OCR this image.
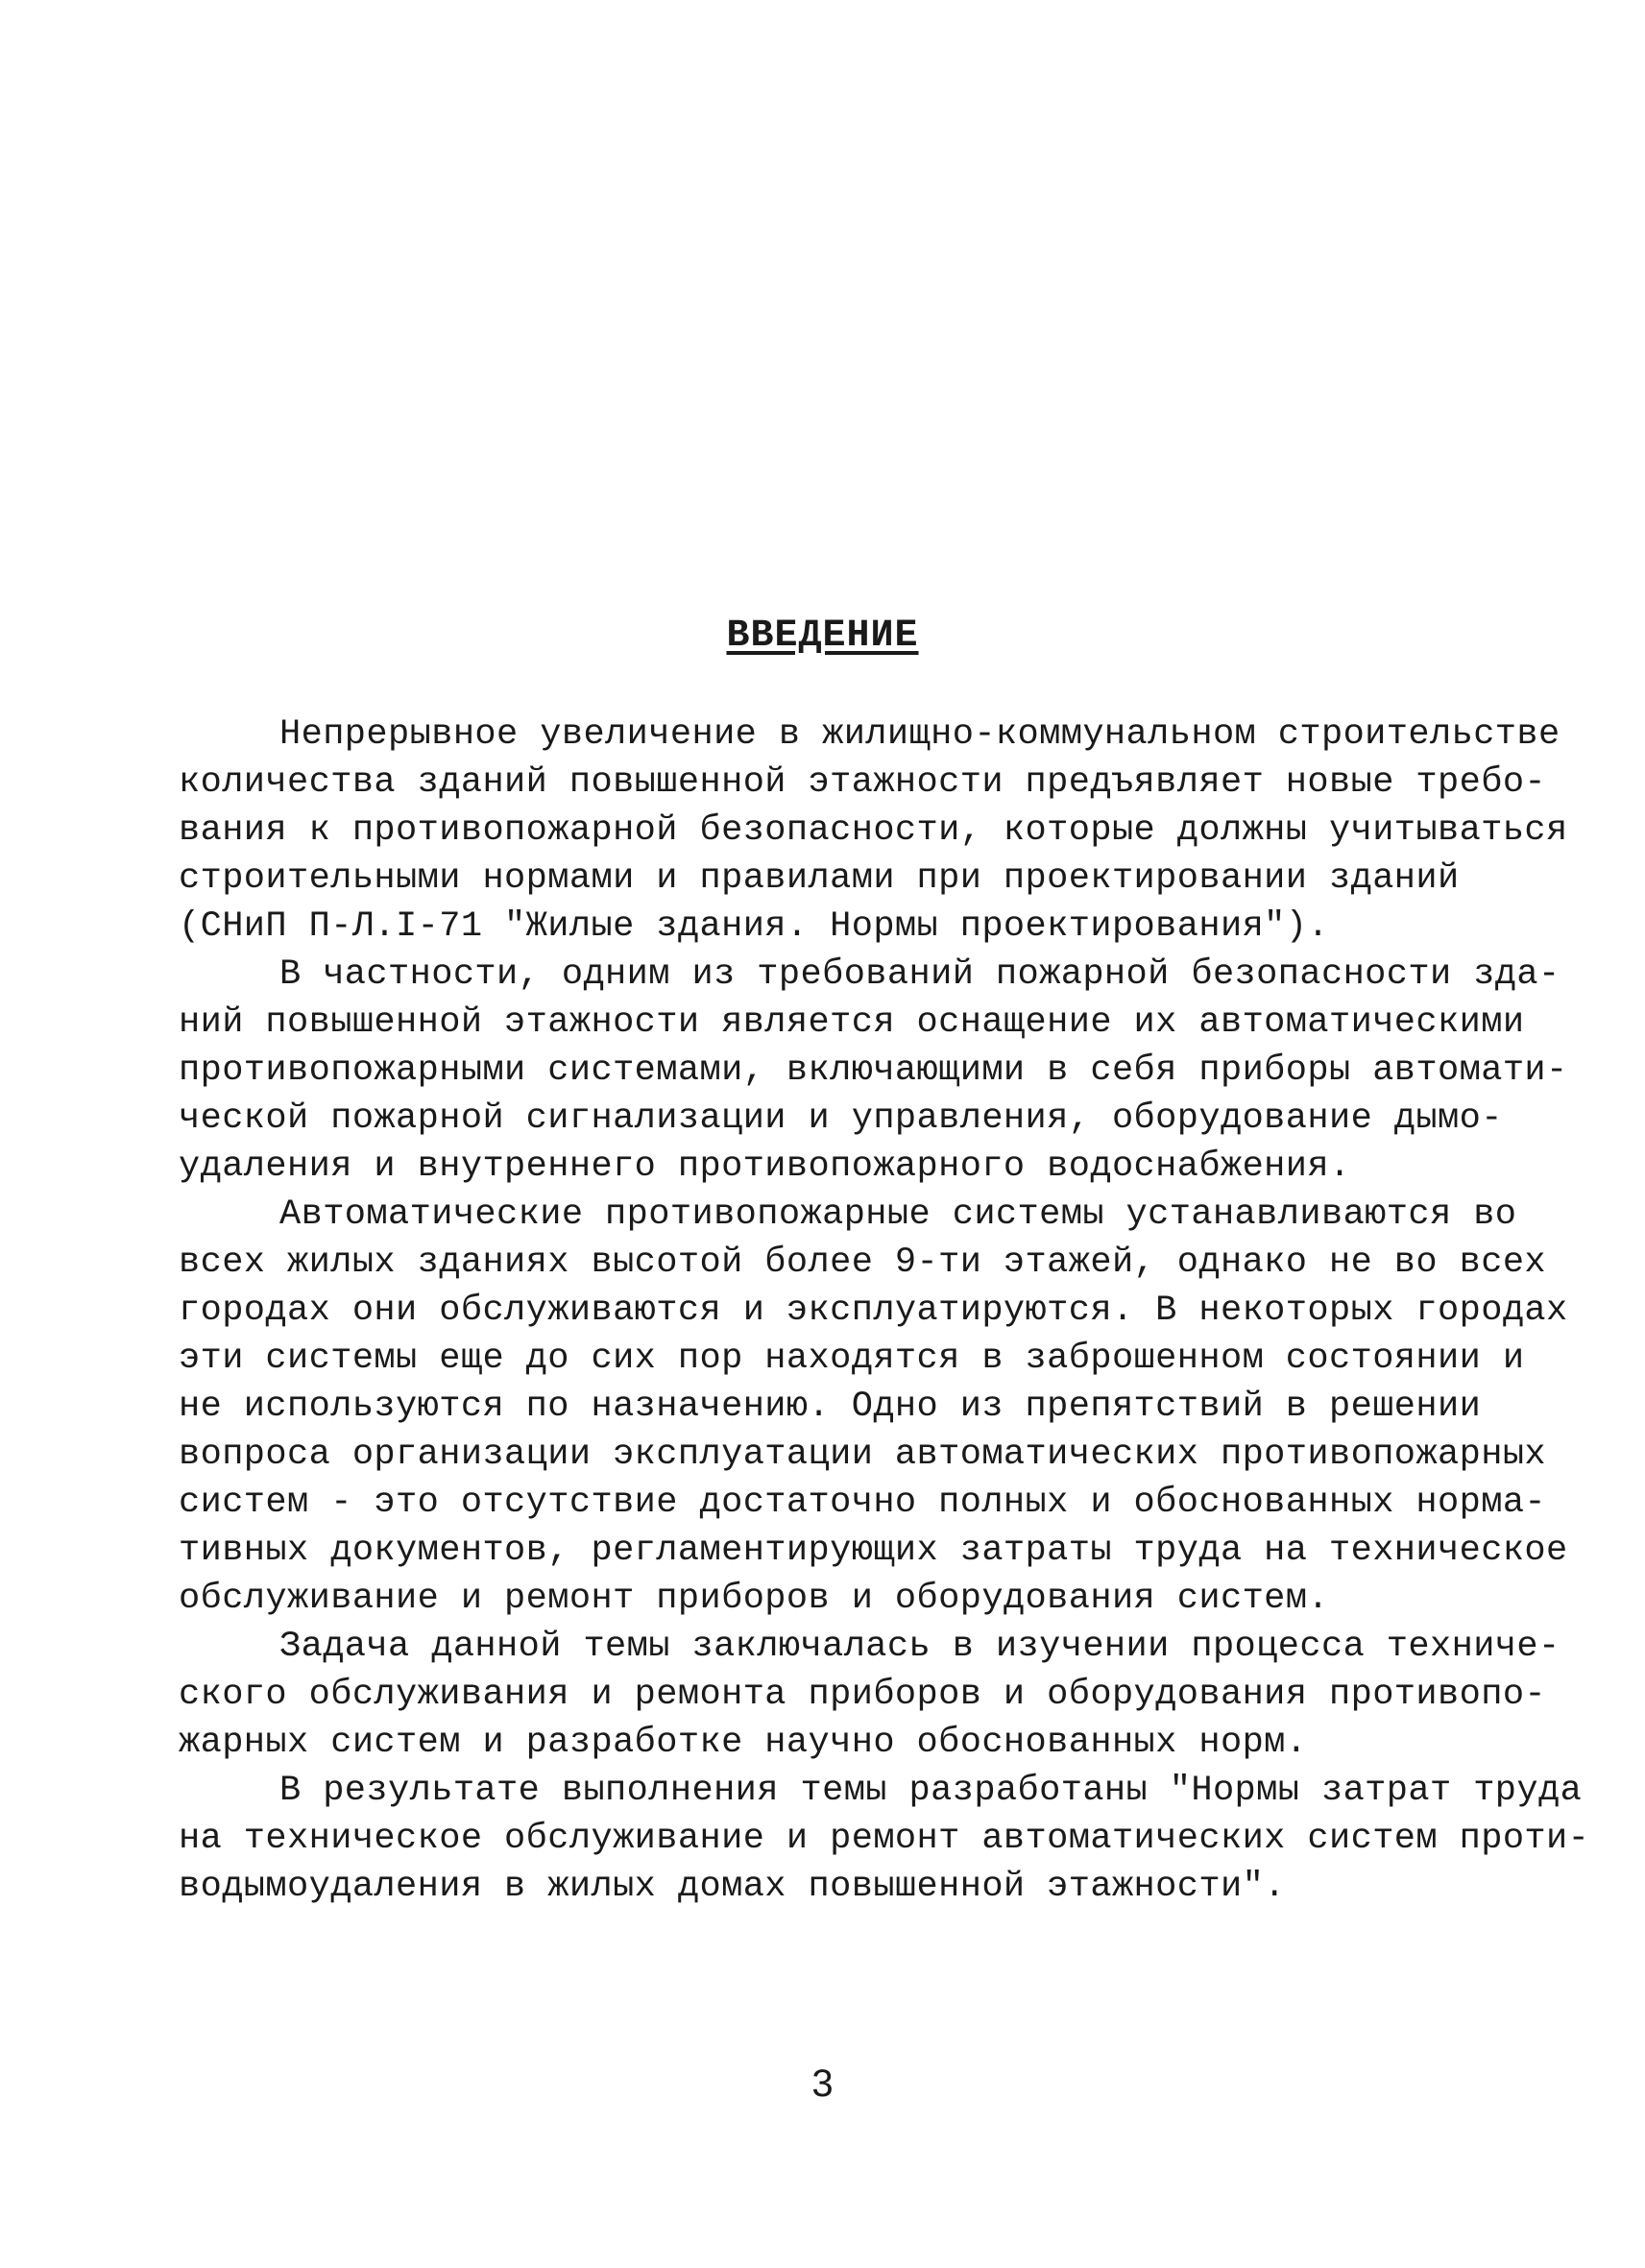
ВВЕДЕНИЕ
Непрерывное увеличение в жилищно-коммунальном строительстве
количества зданий повышенной этажности предъявляет новые требо-
вания к противопожарной безопасности, которые должны учитываться
строительными нормами и правилами при проектировании зданий
(СНиП П-Л.I-71 "Жилые здания. Нормы проектирования").
В частности, одним из требований пожарной безопасности зда-
ний повышенной этажности является оснащение их автоматическими
противопожарными системами, включающими в себя приборы автомати-
ческой пожарной сигнализации и управления, оборудование дымо-
удаления и внутреннего противопожарного водоснабжения.
Автоматические противопожарные системы устанавливаются во
всех жилых зданиях высотой более 9-ти этажей, однако не во всех
городах они обслуживаются и эксплуатируются. В некоторых городах
эти системы еще до сих пор находятся в заброшенном состоянии и
не используются по назначению. Одно из препятствий в решении
вопроса организации эксплуатации автоматических противопожарных
систем - это отсутствие достаточно полных и обоснованных норма-
тивных документов, регламентирующих затраты труда на техническое
обслуживание и ремонт приборов и оборудования систем.
Задача данной темы заключалась в изучении процесса техниче-
ского обслуживания и ремонта приборов и оборудования противопо-
жарных систем и разработке научно обоснованных норм.
В результате выполнения темы разработаны "Нормы затрат труда
на техническое обслуживание и ремонт автоматических систем проти-
водымоудаления в жилых домах повышенной этажности".
3
